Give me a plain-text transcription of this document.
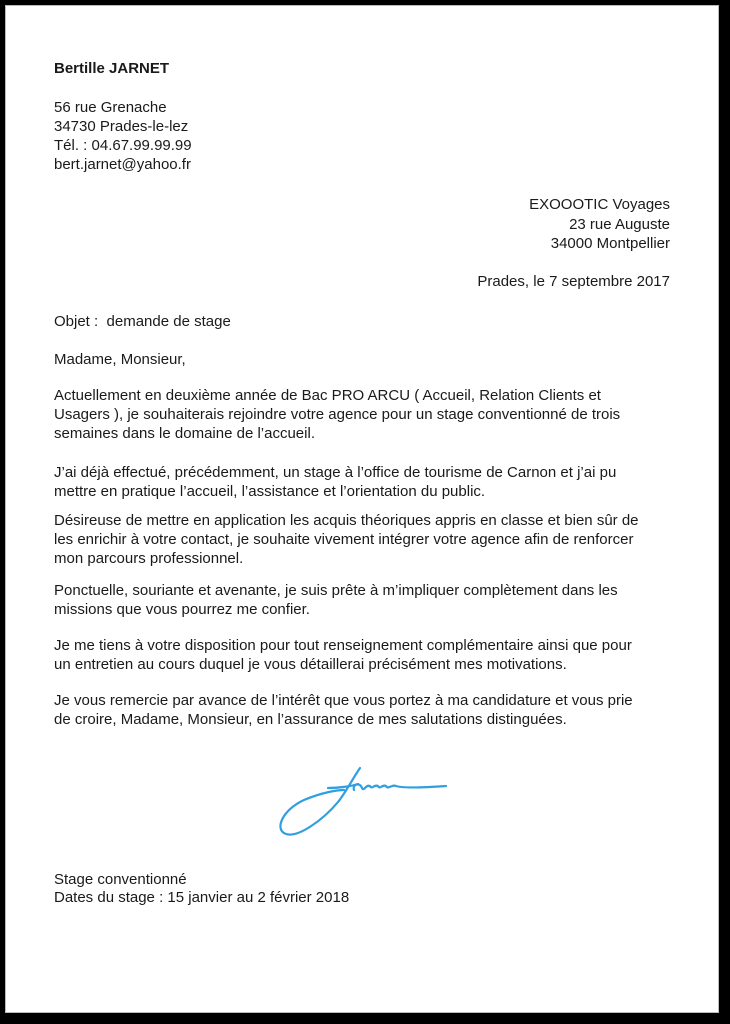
Bertille JARNET
56 rue Grenache
34730 Prades-le-lez
Tél. : 04.67.99.99.99
bert.jarnet@yahoo.fr
EXOOOTIC Voyages
23 rue Auguste
34000 Montpellier
Prades, le 7 septembre 2017
Objet :  demande de stage
Madame, Monsieur,
Actuellement en deuxième année de Bac PRO ARCU ( Accueil, Relation Clients et
Usagers ), je souhaiterais rejoindre votre agence pour un stage conventionné de trois
semaines dans le domaine de l’accueil.
J’ai déjà effectué, précédemment, un stage à l’office de tourisme de Carnon et j’ai pu
mettre en pratique l’accueil, l’assistance et l’orientation du public.
Désireuse de mettre en application les acquis théoriques appris en classe et bien sûr de
les enrichir à votre contact, je souhaite vivement intégrer votre agence afin de renforcer
mon parcours professionnel.
Ponctuelle, souriante et avenante, je suis prête à m’impliquer complètement dans les
missions que vous pourrez me confier.
Je me tiens à votre disposition pour tout renseignement complémentaire ainsi que pour
un entretien au cours duquel je vous détaillerai précisément mes motivations.
Je vous remercie par avance de l’intérêt que vous portez à ma candidature et vous prie
de croire, Madame, Monsieur, en l’assurance de mes salutations distinguées.
Stage conventionné
Dates du stage : 15 janvier au 2 février 2018
